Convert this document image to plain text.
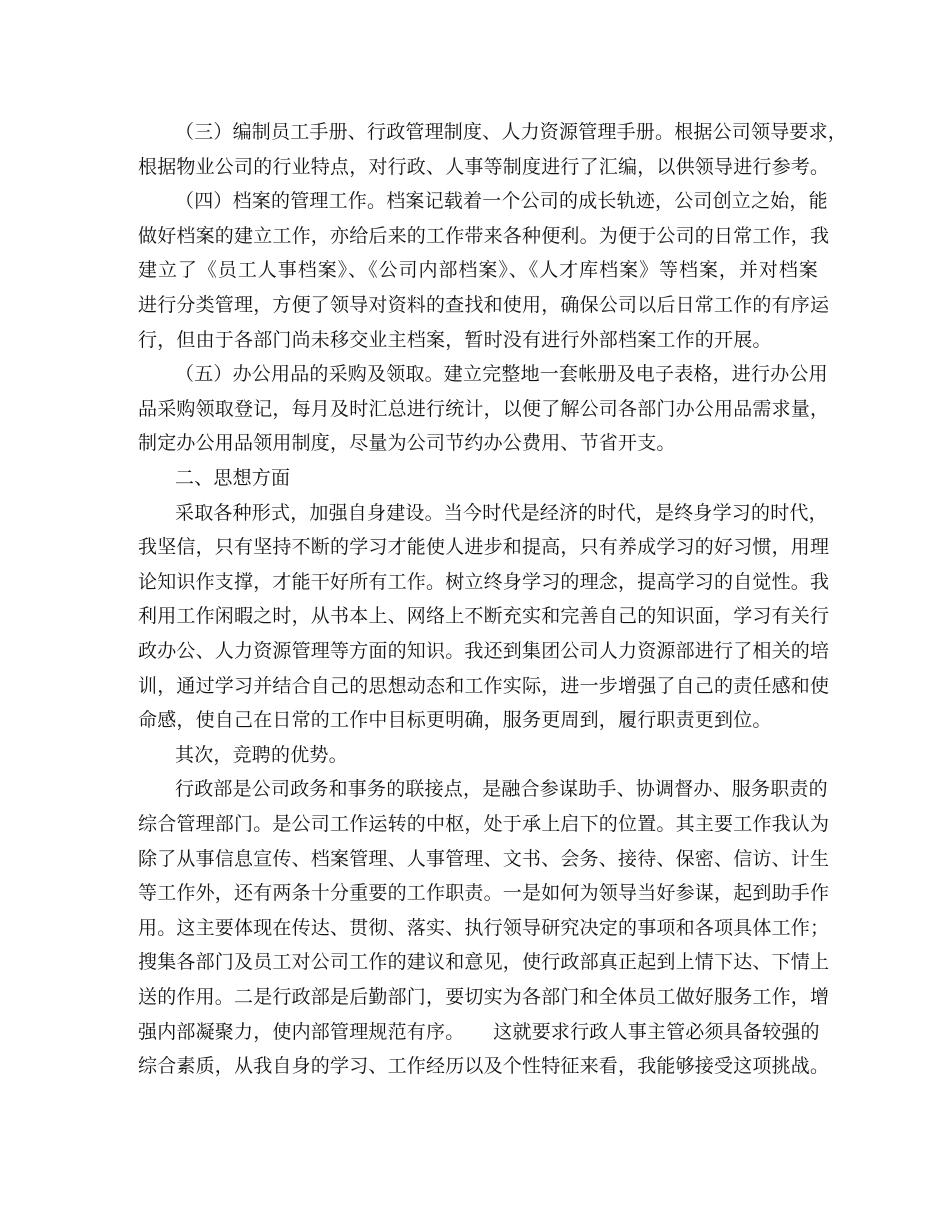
（三）编制员工手册、行政管理制度、人力资源管理手册。根据公司领导要求，
根据物业公司的行业特点，对行政、人事等制度进行了汇编，以供领导进行参考。
（四）档案的管理工作。档案记载着一个公司的成长轨迹，公司创立之始，能
做好档案的建立工作，亦给后来的工作带来各种便利。为便于公司的日常工作，我
建立了《员工人事档案》、《公司内部档案》、《人才库档案》等档案，并对档案
进行分类管理，方便了领导对资料的查找和使用，确保公司以后日常工作的有序运
行，但由于各部门尚未移交业主档案，暂时没有进行外部档案工作的开展。
（五）办公用品的采购及领取。建立完整地一套帐册及电子表格，进行办公用
品采购领取登记，每月及时汇总进行统计，以便了解公司各部门办公用品需求量，
制定办公用品领用制度，尽量为公司节约办公费用、节省开支。
二、思想方面
采取各种形式，加强自身建设。当今时代是经济的时代，是终身学习的时代，
我坚信，只有坚持不断的学习才能使人进步和提高，只有养成学习的好习惯，用理
论知识作支撑，才能干好所有工作。树立终身学习的理念，提高学习的自觉性。我
利用工作闲暇之时，从书本上、网络上不断充实和完善自己的知识面，学习有关行
政办公、人力资源管理等方面的知识。我还到集团公司人力资源部进行了相关的培
训，通过学习并结合自己的思想动态和工作实际，进一步增强了自己的责任感和使
命感，使自己在日常的工作中目标更明确，服务更周到，履行职责更到位。
其次，竞聘的优势。
行政部是公司政务和事务的联接点，是融合参谋助手、协调督办、服务职责的
综合管理部门。是公司工作运转的中枢，处于承上启下的位置。其主要工作我认为
除了从事信息宣传、档案管理、人事管理、文书、会务、接待、保密、信访、计生
等工作外，还有两条十分重要的工作职责。一是如何为领导当好参谋，起到助手作
用。这主要体现在传达、贯彻、落实、执行领导研究决定的事项和各项具体工作；
搜集各部门及员工对公司工作的建议和意见，使行政部真正起到上情下达、下情上
送的作用。二是行政部是后勤部门，要切实为各部门和全体员工做好服务工作，增
强内部凝聚力，使内部管理规范有序。　　这就要求行政人事主管必须具备较强的
综合素质，从我自身的学习、工作经历以及个性特征来看，我能够接受这项挑战。
